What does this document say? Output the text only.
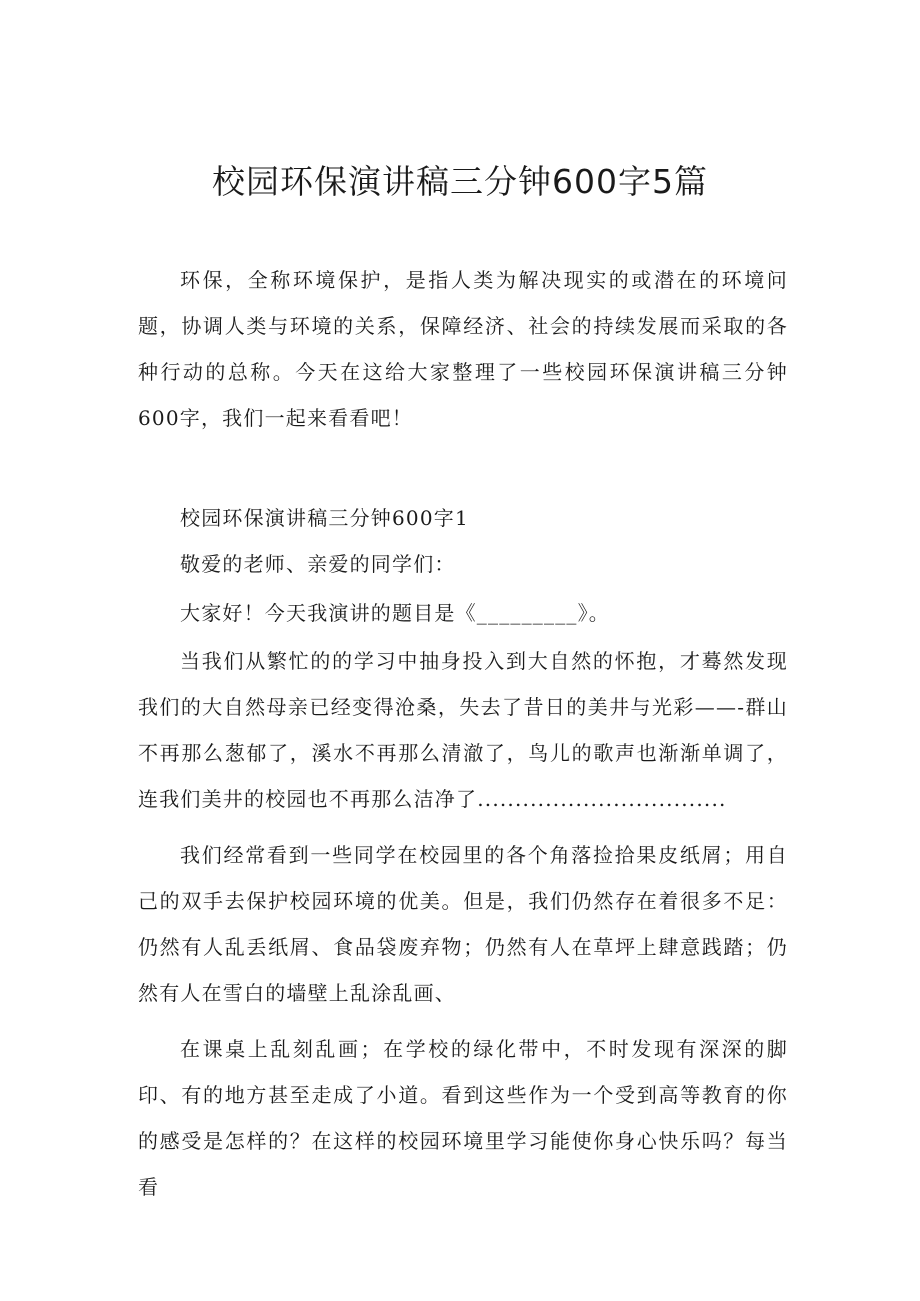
校园环保演讲稿三分钟600字5篇

环保，全称环境保护，是指人类为解决现实的或潜在的环境问题，协调人类与环境的关系，保障经济、社会的持续发展而采取的各种行动的总称。今天在这给大家整理了一些校园环保演讲稿三分钟600字，我们一起来看看吧！

校园环保演讲稿三分钟600字1

敬爱的老师、亲爱的同学们：

大家好！今天我演讲的题目是《_________》。

当我们从繁忙的的学习中抽身投入到大自然的怀抱，才蓦然发现我们的大自然母亲已经变得沧桑，失去了昔日的美井与光彩——-群山不再那么葱郁了，溪水不再那么清澈了，鸟儿的歌声也渐渐单调了，连我们美井的校园也不再那么洁净了.................................

我们经常看到一些同学在校园里的各个角落捡拾果皮纸屑；用自己的双手去保护校园环境的优美。但是，我们仍然存在着很多不足：仍然有人乱丢纸屑、食品袋废弃物；仍然有人在草坪上肆意践踏；仍然有人在雪白的墙壁上乱涂乱画、

在课桌上乱刻乱画；在学校的绿化带中，不时发现有深深的脚印、有的地方甚至走成了小道。看到这些作为一个受到高等教育的你的感受是怎样的？在这样的校园环境里学习能使你身心快乐吗？每当看
